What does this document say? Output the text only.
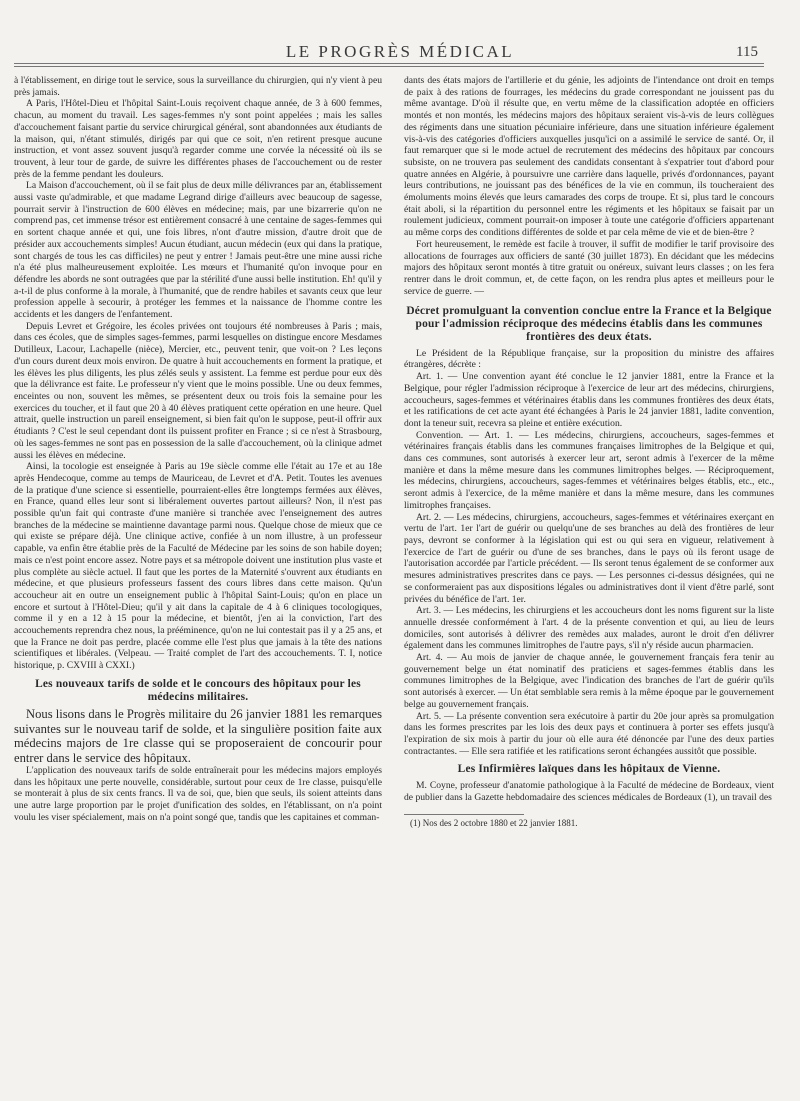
LE PROGRÈS MÉDICAL	115

à l'établissement, en dirige tout le service, sous la surveillance du chirurgien, qui n'y vient à peu près jamais.

A Paris, l'Hôtel-Dieu et l'hôpital Saint-Louis reçoivent chaque année, de 3 à 600 femmes, chacun, au moment du travail. Les sages-femmes n'y sont point appelées ; mais les salles d'accouchement faisant partie du service chirurgical général, sont abandonnées aux étudiants de la maison, qui, n'étant stimulés, dirigés par qui que ce soit, n'en retirent presque aucune instruction, et vont assez souvent jusqu'à regarder comme une corvée la nécessité où ils se trouvent, à leur tour de garde, de suivre les différentes phases de l'accouchement ou de rester près de la femme pendant les douleurs.

La Maison d'accouchement, où il se fait plus de deux mille délivrances par an, établissement aussi vaste qu'admirable, et que madame Legrand dirige d'ailleurs avec beaucoup de sagesse, pourrait servir à l'instruction de 600 élèves en médecine; mais, par une bizarrerie qu'on ne comprend pas, cet immense trésor est entièrement consacré à une centaine de sages-femmes qui en sortent chaque année et qui, une fois libres, n'ont d'autre mission, d'autre droit que de présider aux accouchements simples! Aucun étudiant, aucun médecin (eux qui dans la pratique, sont chargés de tous les cas difficiles) ne peut y entrer ! Jamais peut-être une mine aussi riche n'a été plus malheureusement exploitée. Les mœurs et l'humanité qu'on invoque pour en défendre les abords ne sont outragées que par la stérilité d'une aussi belle institution. Eh! qu'il y a-t-il de plus conforme à la morale, à l'humanité, que de rendre habiles et savants ceux que leur profession appelle à secourir, à protéger les femmes et la naissance de l'homme contre les accidents et les dangers de l'enfantement.

Depuis Levret et Grégoire, les écoles privées ont toujours été nombreuses à Paris ; mais, dans ces écoles, que de simples sages-femmes, parmi lesquelles on distingue encore Mesdames Dutilleux, Lacour, Lachapelle (nièce), Mercier, etc., peuvent tenir, que voit-on ? Les leçons d'un cours durent deux mois environ. De quatre à huit accouchements en forment la pratique, et les élèves les plus diligents, les plus zélés seuls y assistent. La femme est perdue pour eux dès que la délivrance est faite. Le professeur n'y vient que le moins possible. Une ou deux femmes, enceintes ou non, souvent les mêmes, se présentent deux ou trois fois la semaine pour les exercices du toucher, et il faut que 20 à 40 élèves pratiquent cette opération en une heure. Quel attrait, quelle instruction un pareil enseignement, si bien fait qu'on le suppose, peut-il offrir aux étudiants ? C'est le seul cependant dont ils puissent profiter en France ; si ce n'est à Strasbourg, où les sages-femmes ne sont pas en possession de la salle d'accouchement, où la clinique admet aussi les élèves en médecine.

Ainsi, la tocologie est enseignée à Paris au 19e siècle comme elle l'était au 17e et au 18e après Hendecoque, comme au temps de Mauriceau, de Levret et d'A. Petit. Toutes les avenues de la pratique d'une science si essentielle, pourraient-elles être longtemps fermées aux élèves, en France, quand elles leur sont si libéralement ouvertes partout ailleurs? Non, il n'est pas possible qu'un fait qui contraste d'une manière si tranchée avec l'enseignement des autres branches de la médecine se maintienne davantage parmi nous. Quelque chose de mieux que ce qui existe se prépare déjà. Une clinique active, confiée à un nom illustre, à un professeur capable, va enfin être établie près de la Faculté de Médecine par les soins de son habile doyen; mais ce n'est point encore assez. Notre pays et sa métropole doivent une institution plus vaste et plus complète au siècle actuel. Il faut que les portes de la Maternité s'ouvrent aux étudiants en médecine, et que plusieurs professeurs fassent des cours libres dans cette maison. Qu'un accoucheur ait en outre un enseignement public à l'hôpital Saint-Louis; qu'on en place un encore et surtout à l'Hôtel-Dieu; qu'il y ait dans la capitale de 4 à 6 cliniques tocologiques, comme il y en a 12 à 15 pour la médecine, et bientôt, j'en ai la conviction, l'art des accouchements reprendra chez nous, la prééminence, qu'on ne lui contestait pas il y a 25 ans, et que la France ne doit pas perdre, placée comme elle l'est plus que jamais à la tête des nations scientifiques et libérales. (Velpeau. — Traité complet de l'art des accouchements. T. I, notice historique, p. CXVIII à CXXI.)

Les nouveaux tarifs de solde et le concours des hôpitaux pour les médecins militaires.

Nous lisons dans le Progrès militaire du 26 janvier 1881 les remarques suivantes sur le nouveau tarif de solde, et la singulière position faite aux médecins majors de 1re classe qui se proposeraient de concourir pour entrer dans le service des hôpitaux.

L'application des nouveaux tarifs de solde entraînerait pour les médecins majors employés dans les hôpitaux une perte nouvelle, considérable, surtout pour ceux de 1re classe, puisqu'elle se monterait à plus de six cents francs. Il va de soi, que, bien que seuls, ils soient atteints dans une autre large proportion par le projet d'unification des soldes, en l'établissant, on n'a point voulu les viser spécialement, mais on n'a point songé que, tandis que les capitaines et comman-

dants des états majors de l'artillerie et du génie, les adjoints de l'intendance ont droit en temps de paix à des rations de fourrages, les médecins du grade correspondant ne jouissent pas du même avantage. D'où il résulte que, en vertu même de la classification adoptée en officiers montés et non montés, les médecins majors des hôpitaux seraient vis-à-vis de leurs collègues des régiments dans une situation pécuniaire inférieure, dans une situation inférieure également vis-à-vis des catégories d'officiers auxquelles jusqu'ici on a assimilé le service de santé. Or, il faut remarquer que si le mode actuel de recrutement des médecins des hôpitaux par concours subsiste, on ne trouvera pas seulement des candidats consentant à s'expatrier tout d'abord pour quatre années en Algérie, à poursuivre une carrière dans laquelle, privés d'ordonnances, payant leurs contributions, ne jouissant pas des bénéfices de la vie en commun, ils toucheraient des émoluments moins élevés que leurs camarades des corps de troupe. Et si, plus tard le concours était aboli, si la répartition du personnel entre les régiments et les hôpitaux se faisait par un roulement judicieux, comment pourrait-on imposer à toute une catégorie d'officiers appartenant au même corps des conditions différentes de solde et par cela même de vie et de bien-être ?

Fort heureusement, le remède est facile à trouver, il suffit de modifier le tarif provisoire des allocations de fourrages aux officiers de santé (30 juillet 1873). En décidant que les médecins majors des hôpitaux seront montés à titre gratuit ou onéreux, suivant leurs classes ; on les fera rentrer dans le droit commun, et, de cette façon, on les rendra plus aptes et meilleurs pour le service de guerre. —

Décret promulguant la convention conclue entre la France et la Belgique pour l'admission réciproque des médecins établis dans les communes frontières des deux états.

Le Président de la République française, sur la proposition du ministre des affaires étrangères, décrète :

Art. 1. — Une convention ayant été conclue le 12 janvier 1881, entre la France et la Belgique, pour régler l'admission réciproque à l'exercice de leur art des médecins, chirurgiens, accoucheurs, sages-femmes et vétérinaires établis dans les communes frontières des deux états, et les ratifications de cet acte ayant été échangées à Paris le 24 janvier 1881, ladite convention, dont la teneur suit, recevra sa pleine et entière exécution.

Convention. — Art. 1. — Les médecins, chirurgiens, accoucheurs, sages-femmes et vétérinaires français établis dans les communes françaises limitrophes de la Belgique et qui, dans ces communes, sont autorisés à exercer leur art, seront admis à l'exercer de la même manière et dans la même mesure dans les communes limitrophes belges. — Réciproquement, les médecins, chirurgiens, accoucheurs, sages-femmes et vétérinaires belges établis, etc., etc., seront admis à l'exercice, de la même manière et dans la même mesure, dans les communes limitrophes françaises.

Art. 2. — Les médecins, chirurgiens, accoucheurs, sages-femmes et vétérinaires exerçant en vertu de l'art. 1er l'art de guérir ou quelqu'une de ses branches au delà des frontières de leur pays, devront se conformer à la législation qui est ou qui sera en vigueur, relativement à l'exercice de l'art de guérir ou d'une de ses branches, dans le pays où ils feront usage de l'autorisation accordée par l'article précédent. — Ils seront tenus également de se conformer aux mesures administratives prescrites dans ce pays. — Les personnes ci-dessus désignées, qui ne se conformeraient pas aux dispositions légales ou administratives dont il vient d'être parlé, sont privées du bénéfice de l'art. 1er.

Art. 3. — Les médecins, les chirurgiens et les accoucheurs dont les noms figurent sur la liste annuelle dressée conformément à l'art. 4 de la présente convention et qui, au lieu de leurs domiciles, sont autorisés à délivrer des remèdes aux malades, auront le droit d'en délivrer également dans les communes limitrophes de l'autre pays, s'il n'y réside aucun pharmacien.

Art. 4. — Au mois de janvier de chaque année, le gouvernement français fera tenir au gouvernement belge un état nominatif des praticiens et sages-femmes établis dans les communes limitrophes de la Belgique, avec l'indication des branches de l'art de guérir qu'ils sont autorisés à exercer. — Un état semblable sera remis à la même époque par le gouvernement belge au gouvernement français.

Art. 5. — La présente convention sera exécutoire à partir du 20e jour après sa promulgation dans les formes prescrites par les lois des deux pays et continuera à porter ses effets jusqu'à l'expiration de six mois à partir du jour où elle aura été dénoncée par l'une des deux parties contractantes. — Elle sera ratifiée et les ratifications seront échangées aussitôt que possible.

Les Infirmières laïques dans les hôpitaux de Vienne.

M. Coyne, professeur d'anatomie pathologique à la Faculté de médecine de Bordeaux, vient de publier dans la Gazette hebdomadaire des sciences médicales de Bordeaux (1), un travail des

(1) Nos des 2 octobre 1880 et 22 janvier 1881.
